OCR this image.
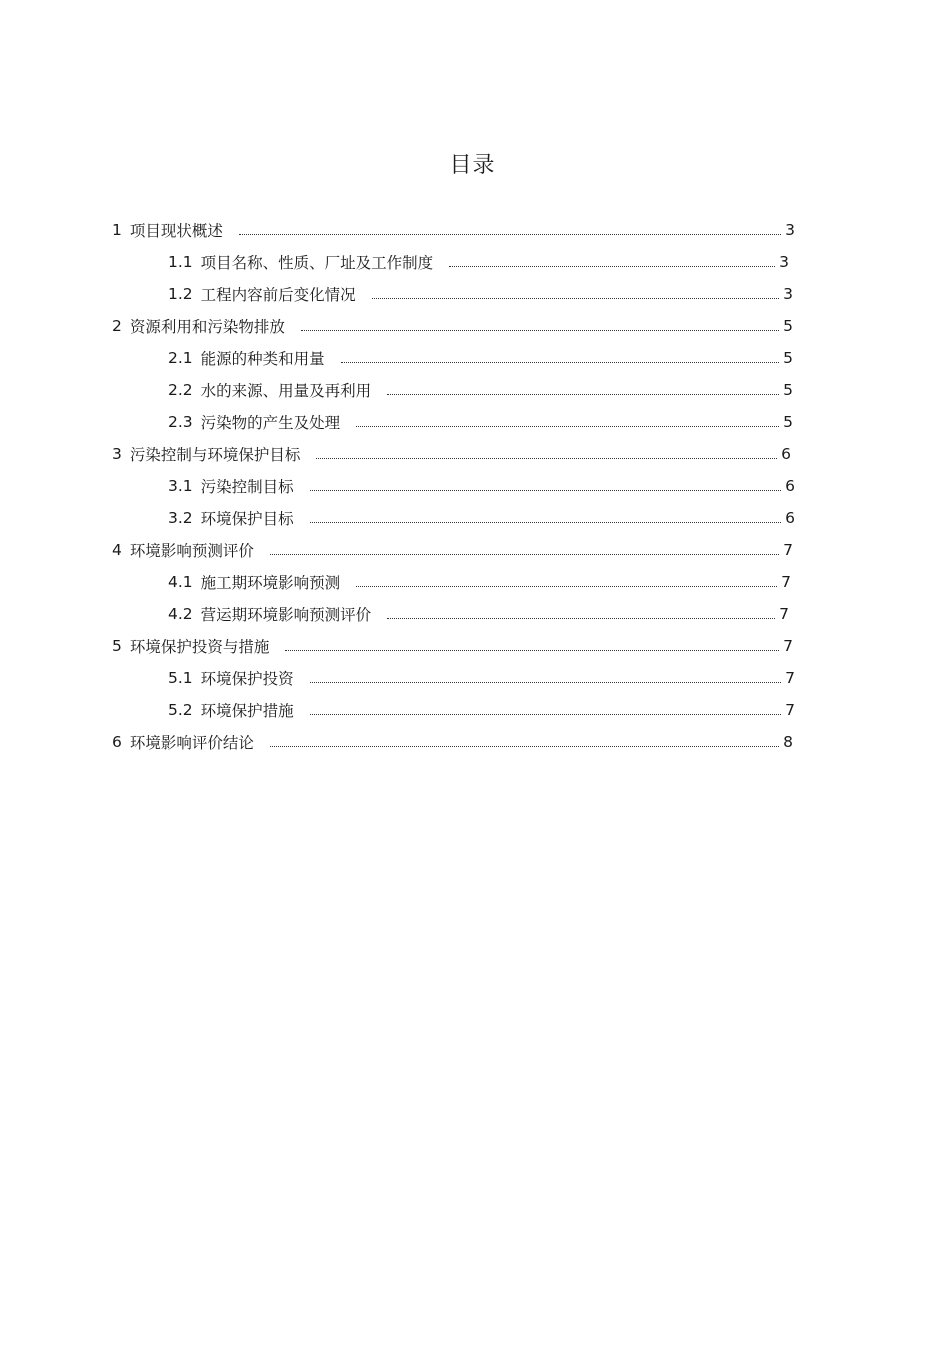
目录
1 项目现状概述	3
1.1 项目名称、性质、厂址及工作制度	3
1.2 工程内容前后变化情况	3
2 资源利用和污染物排放	5
2.1 能源的种类和用量	5
2.2 水的来源、用量及再利用	5
2.3 污染物的产生及处理	5
3 污染控制与环境保护目标	6
3.1 污染控制目标	6
3.2 环境保护目标	6
4 环境影响预测评价	7
4.1 施工期环境影响预测	7
4.2 营运期环境影响预测评价	7
5 环境保护投资与措施	7
5.1 环境保护投资	7
5.2 环境保护措施	7
6 环境影响评价结论	8
